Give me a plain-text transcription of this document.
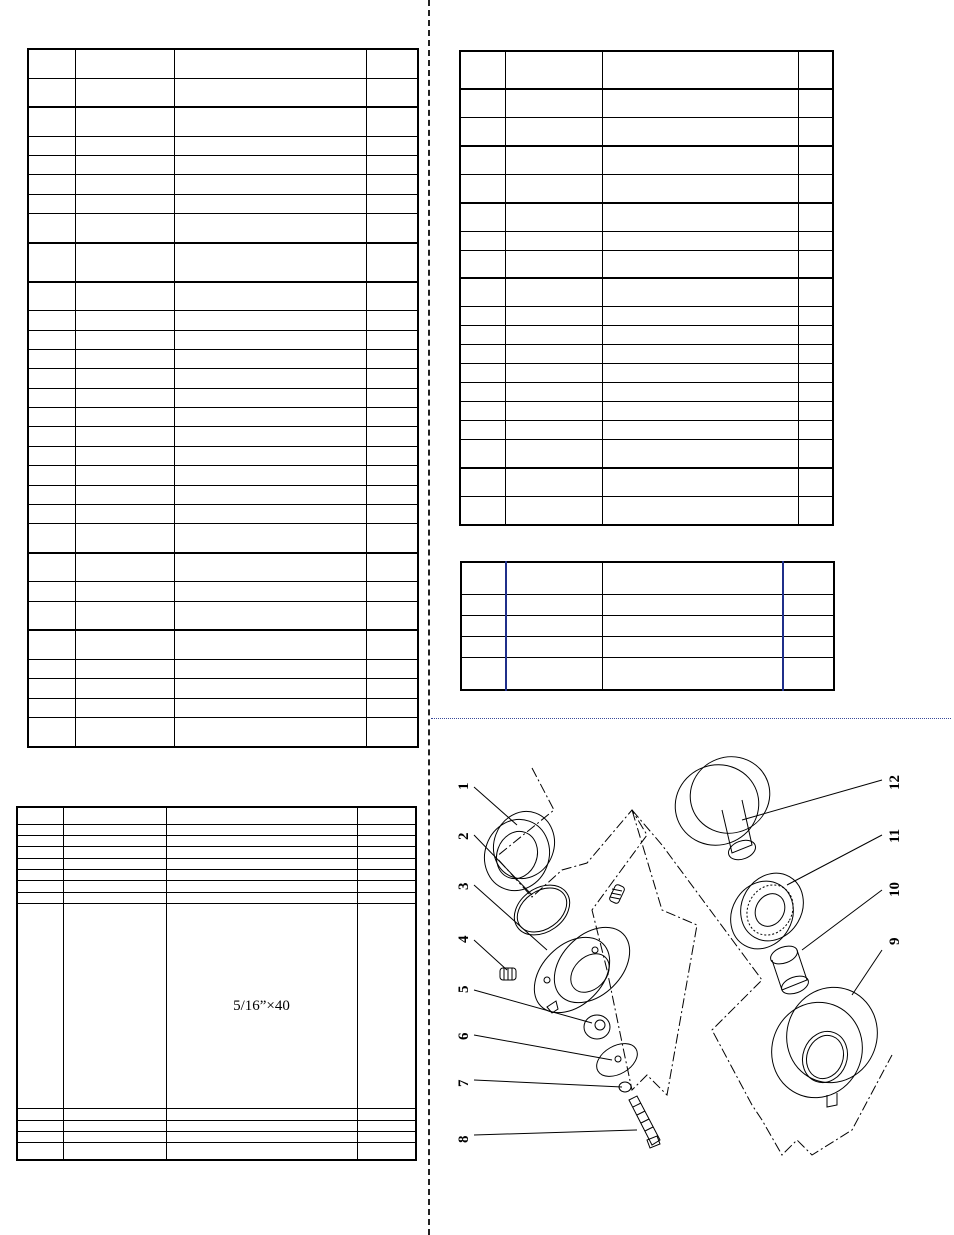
		5/16”×40	

1
2
3
4
5
6
7
8
9
10
11
12
